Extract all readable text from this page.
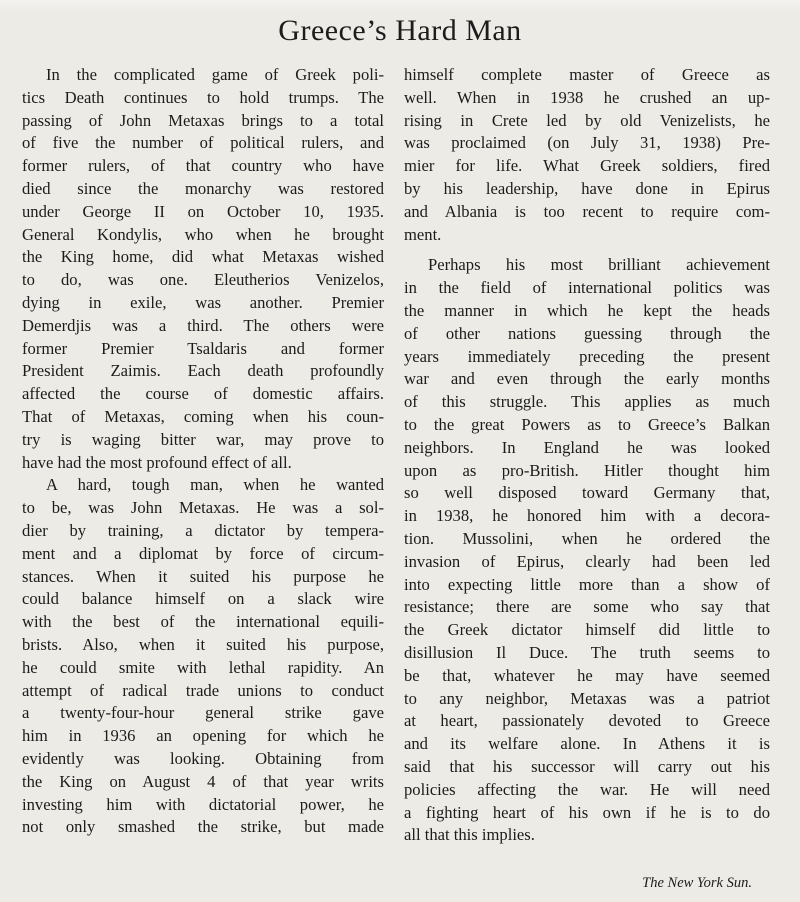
Greece’s Hard Man
In the complicated game of Greek poli-
tics Death continues to hold trumps. The
passing of John Metaxas brings to a total
of five the number of political rulers, and
former rulers, of that country who have
died since the monarchy was restored
under George II on October 10, 1935.
General Kondylis, who when he brought
the King home, did what Metaxas wished
to do, was one. Eleutherios Venizelos,
dying in exile, was another. Premier
Demerdjis was a third. The others were
former Premier Tsaldaris and former
President Zaimis. Each death profoundly
affected the course of domestic affairs.
That of Metaxas, coming when his coun-
try is waging bitter war, may prove to
have had the most profound effect of all.
A hard, tough man, when he wanted
to be, was John Metaxas. He was a sol-
dier by training, a dictator by tempera-
ment and a diplomat by force of circum-
stances. When it suited his purpose he
could balance himself on a slack wire
with the best of the international equili-
brists. Also, when it suited his purpose,
he could smite with lethal rapidity. An
attempt of radical trade unions to conduct
a twenty-four-hour general strike gave
him in 1936 an opening for which he
evidently was looking. Obtaining from
the King on August 4 of that year writs
investing him with dictatorial power, he
not only smashed the strike, but made
himself complete master of Greece as
well. When in 1938 he crushed an up-
rising in Crete led by old Venizelists, he
was proclaimed (on July 31, 1938) Pre-
mier for life. What Greek soldiers, fired
by his leadership, have done in Epirus
and Albania is too recent to require com-
ment.
Perhaps his most brilliant achievement
in the field of international politics was
the manner in which he kept the heads
of other nations guessing through the
years immediately preceding the present
war and even through the early months
of this struggle. This applies as much
to the great Powers as to Greece’s Balkan
neighbors. In England he was looked
upon as pro-British. Hitler thought him
so well disposed toward Germany that,
in 1938, he honored him with a decora-
tion. Mussolini, when he ordered the
invasion of Epirus, clearly had been led
into expecting little more than a show of
resistance; there are some who say that
the Greek dictator himself did little to
disillusion Il Duce. The truth seems to
be that, whatever he may have seemed
to any neighbor, Metaxas was a patriot
at heart, passionately devoted to Greece
and its welfare alone. In Athens it is
said that his successor will carry out his
policies affecting the war. He will need
a fighting heart of his own if he is to do
all that this implies.
The New York Sun.
